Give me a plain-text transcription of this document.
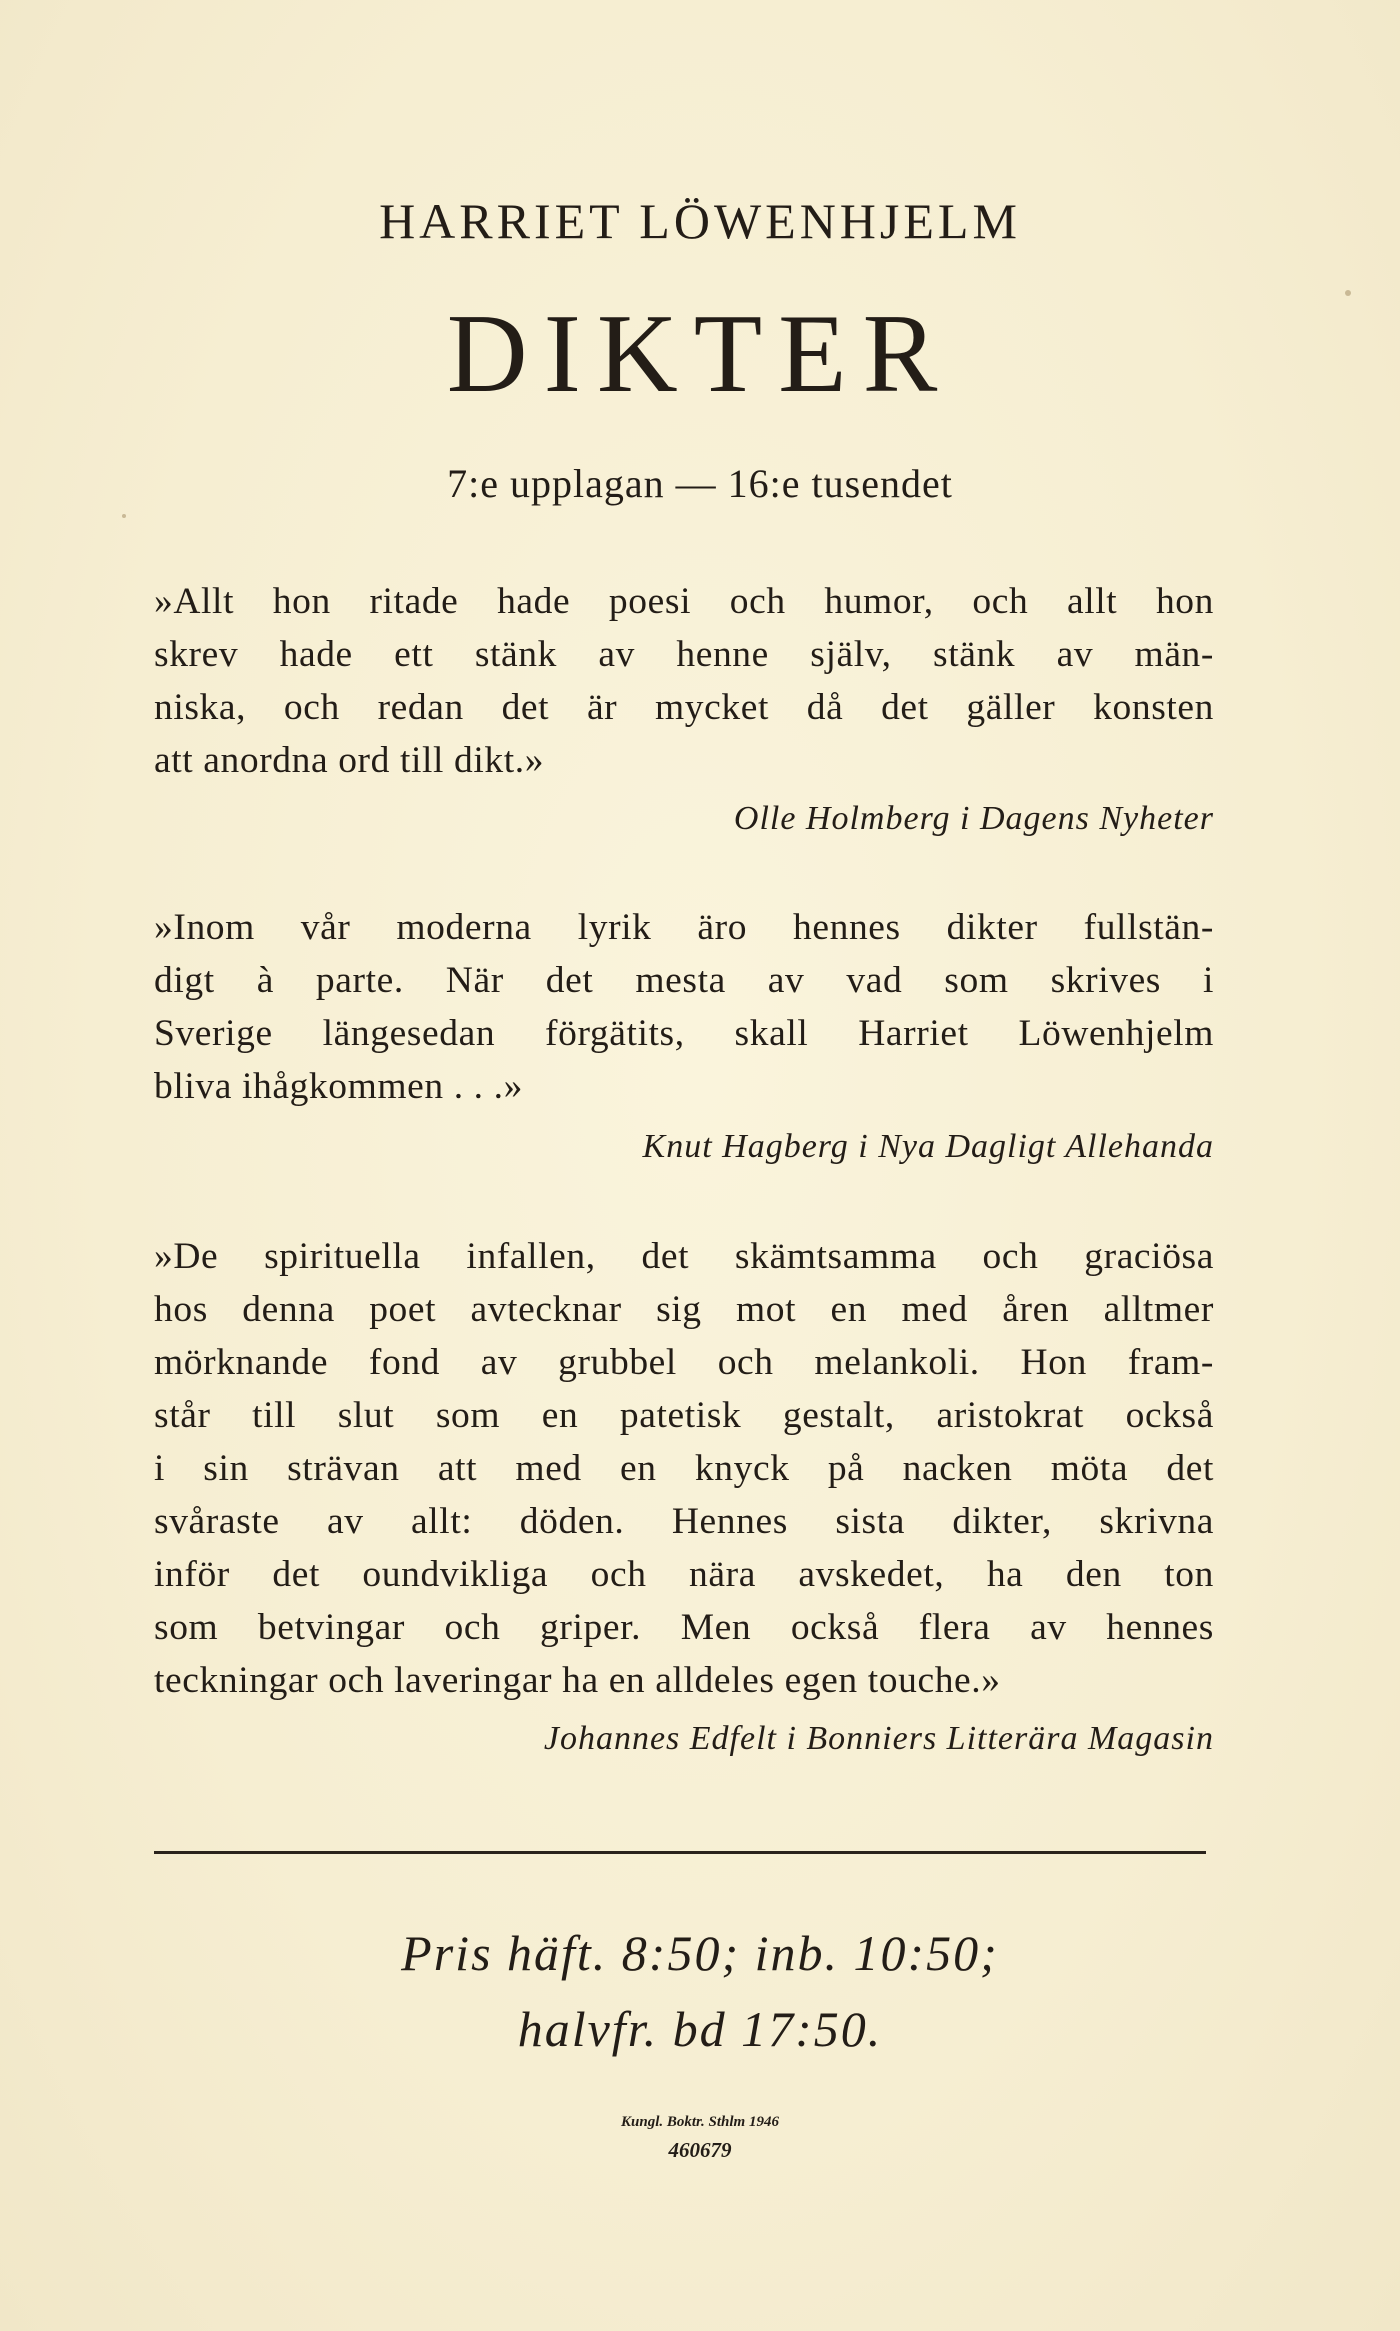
HARRIET LÖWENHJELM
DIKTER
7:e upplagan — 16:e tusendet
»Allt hon ritade hade poesi och humor, och allt hon
skrev hade ett stänk av henne själv, stänk av män-
niska, och redan det är mycket då det gäller konsten
att anordna ord till dikt.»
Olle Holmberg i Dagens Nyheter
»Inom vår moderna lyrik äro hennes dikter fullstän-
digt à parte. När det mesta av vad som skrives i
Sverige längesedan förgätits, skall Harriet Löwenhjelm
bliva ihågkommen . . .»
Knut Hagberg i Nya Dagligt Allehanda
»De spirituella infallen, det skämtsamma och graciösa
hos denna poet avtecknar sig mot en med åren alltmer
mörknande fond av grubbel och melankoli. Hon fram-
står till slut som en patetisk gestalt, aristokrat också
i sin strävan att med en knyck på nacken möta det
svåraste av allt: döden. Hennes sista dikter, skrivna
inför det oundvikliga och nära avskedet, ha den ton
som betvingar och griper. Men också flera av hennes
teckningar och laveringar ha en alldeles egen touche.»
Johannes Edfelt i Bonniers Litterära Magasin
Pris häft. 8:50; inb. 10:50;
halvfr. bd 17:50.
Kungl. Boktr. Sthlm 1946
460679
